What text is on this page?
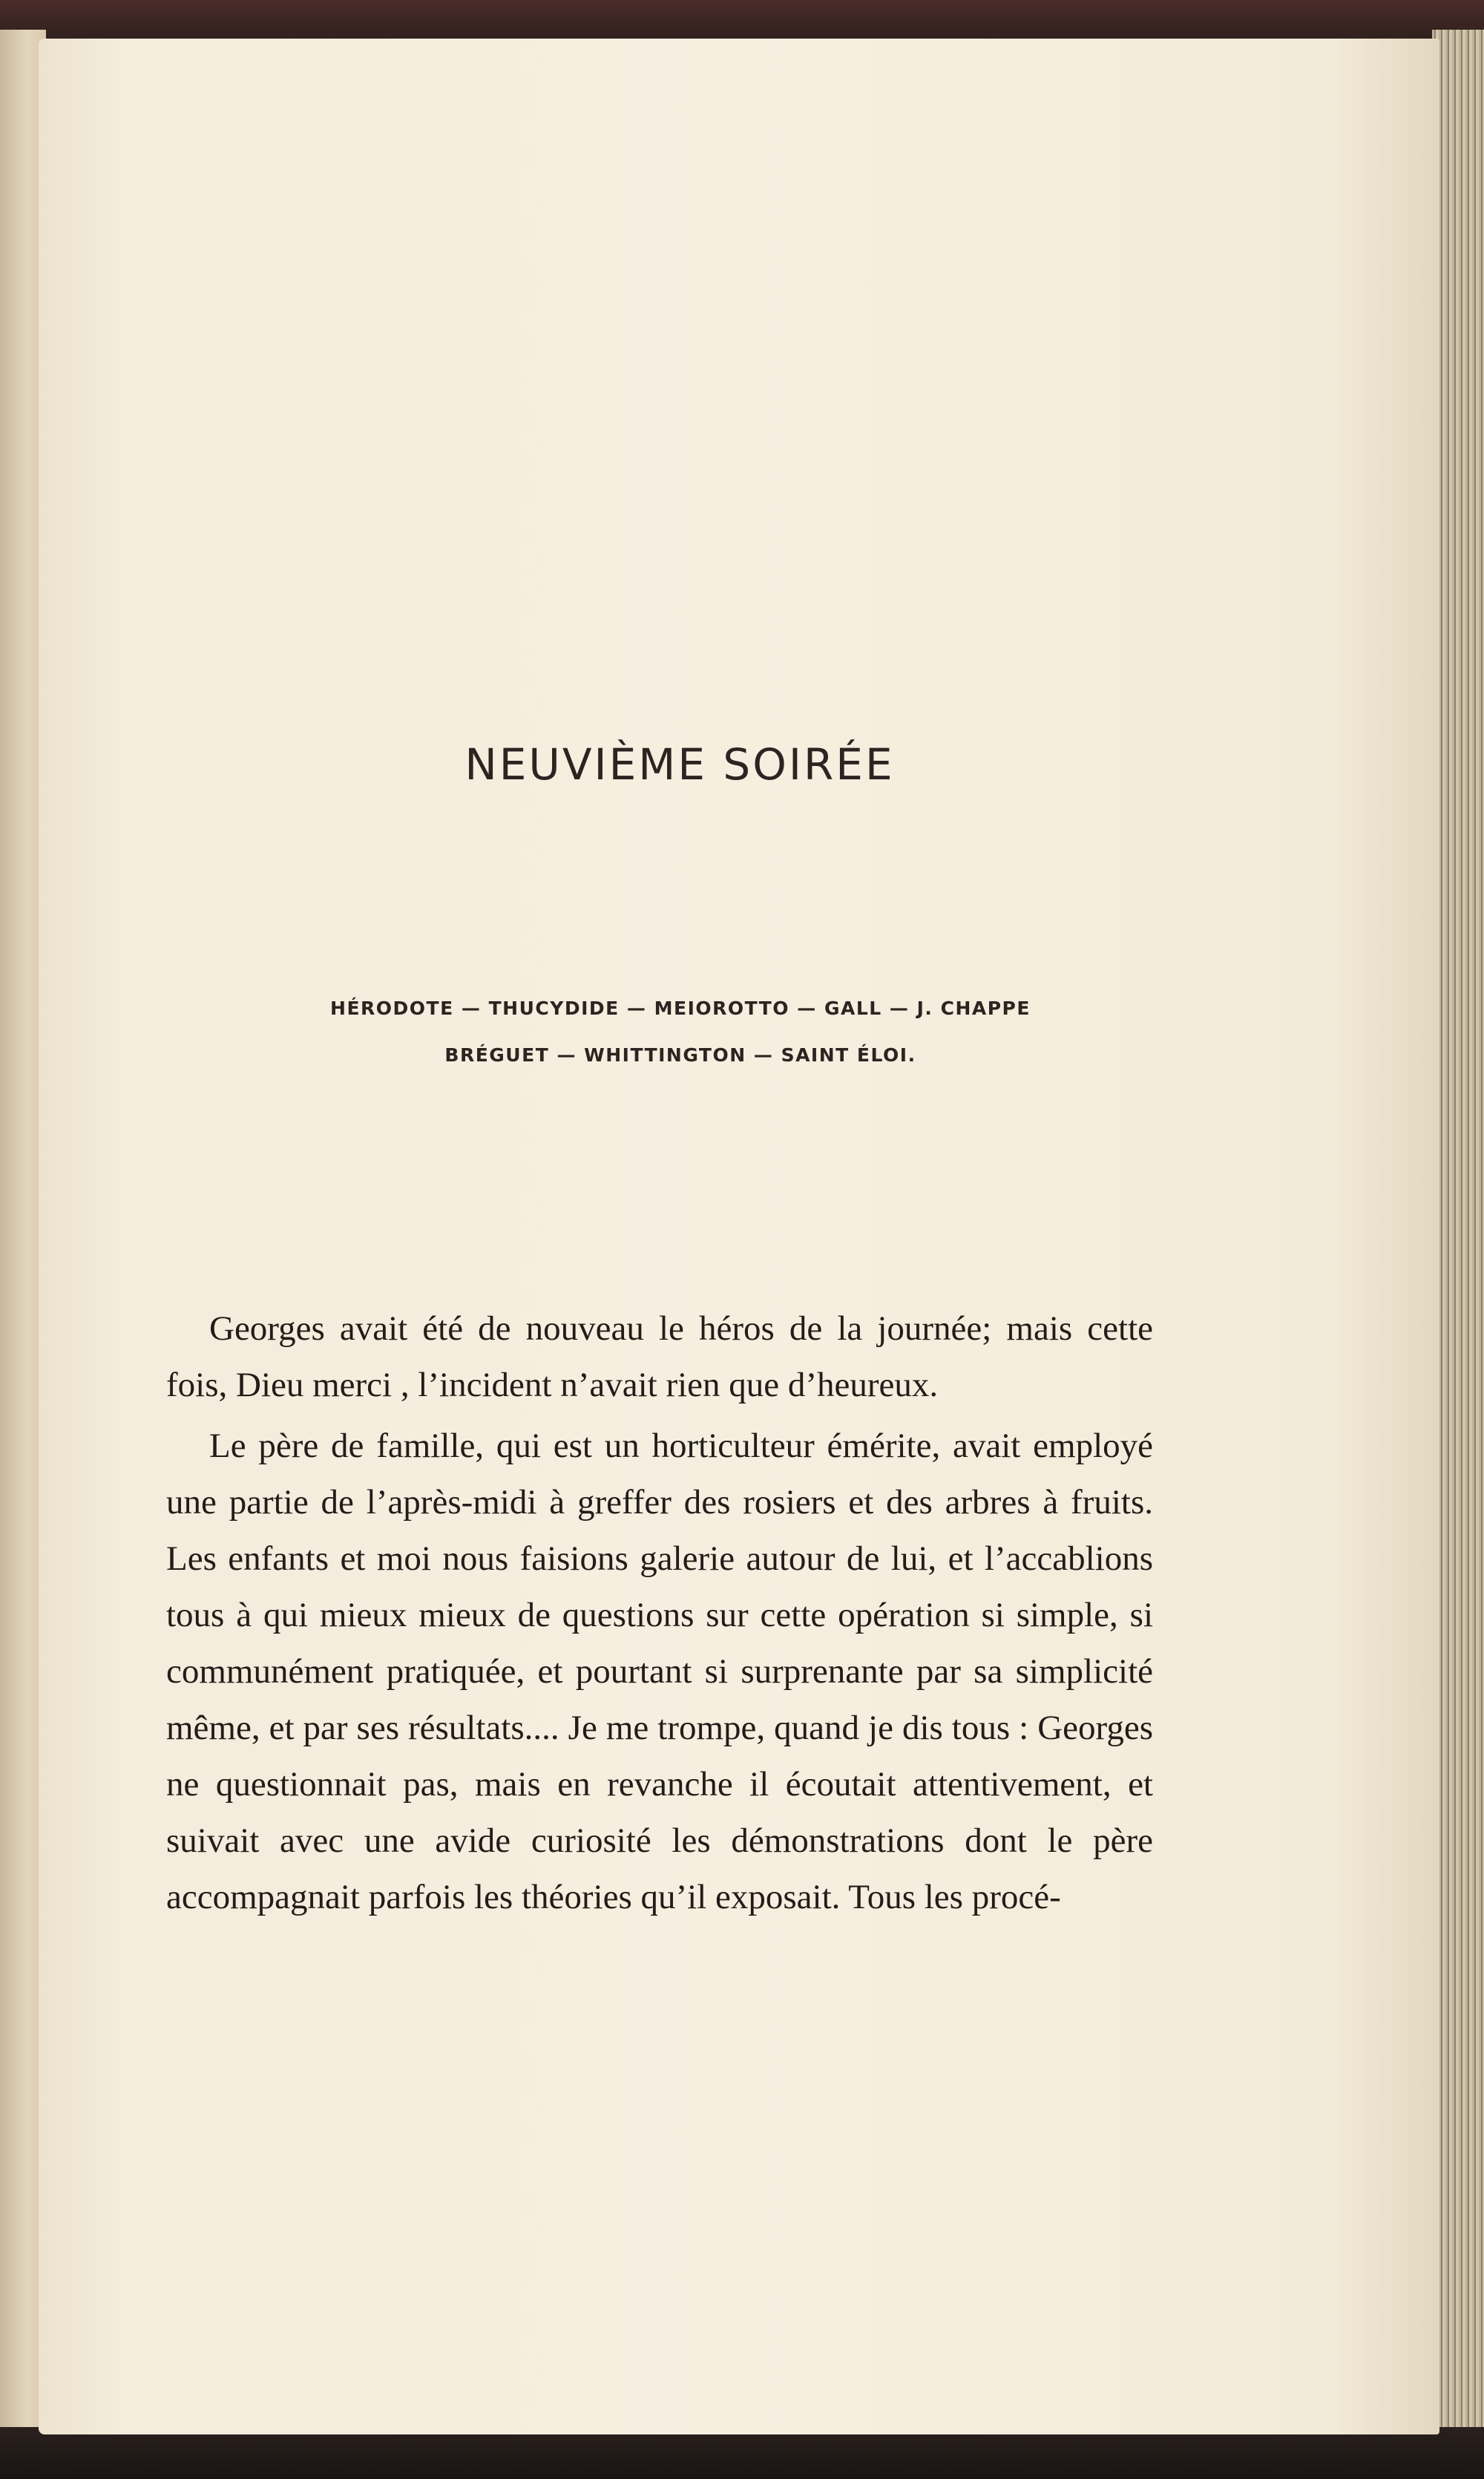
NEUVIÈME SOIRÉE
HÉRODOTE — THUCYDIDE — MEIOROTTO — GALL — J. CHAPPE
BRÉGUET — WHITTINGTON — SAINT ÉLOI.

Georges avait été de nouveau le héros de la journée; mais cette fois, Dieu merci , l’incident n’avait rien que d’heureux.

Le père de famille, qui est un horticulteur émérite, avait employé une partie de l’après-midi à greffer des rosiers et des arbres à fruits. Les enfants et moi nous faisions galerie autour de lui, et l’accablions tous à qui mieux mieux de questions sur cette opération si simple, si communément pratiquée, et pourtant si surprenante par sa simplicité même, et par ses résultats.... Je me trompe, quand je dis tous : Georges ne questionnait pas, mais en revanche il écoutait attentivement, et suivait avec une avide curiosité les démonstrations dont le père accompagnait parfois les théories qu’il exposait. Tous les procé-
